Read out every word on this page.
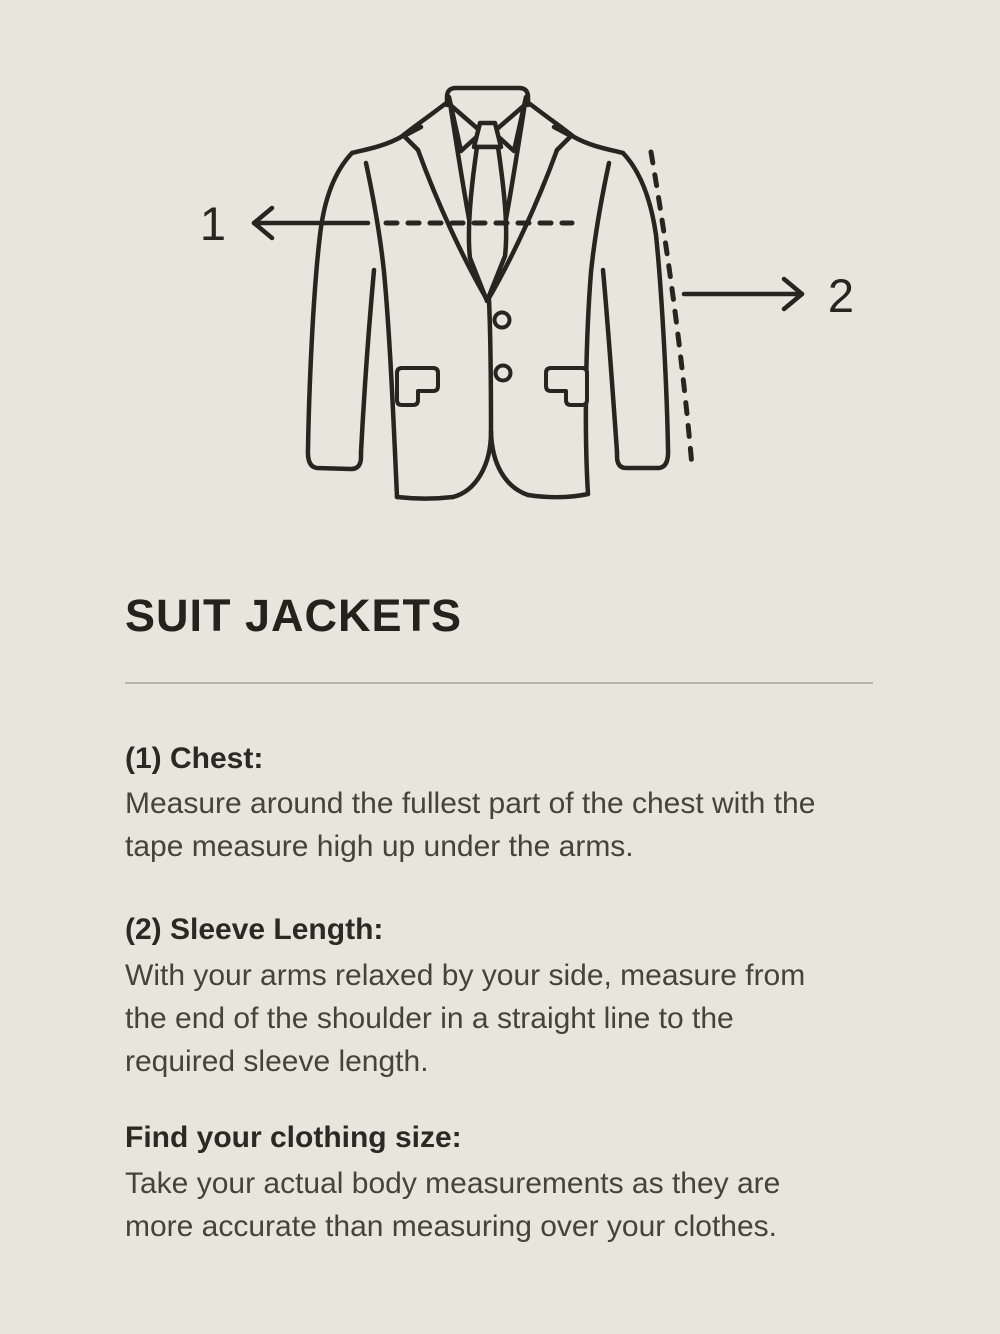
1
2
SUIT JACKETS
(1) Chest:
Measure around the fullest part of the chest with the
tape measure high up under the arms.
(2) Sleeve Length:
With your arms relaxed by your side, measure from
the end of the shoulder in a straight line to the
required sleeve length.
Find your clothing size:
Take your actual body measurements as they are
more accurate than measuring over your clothes.
